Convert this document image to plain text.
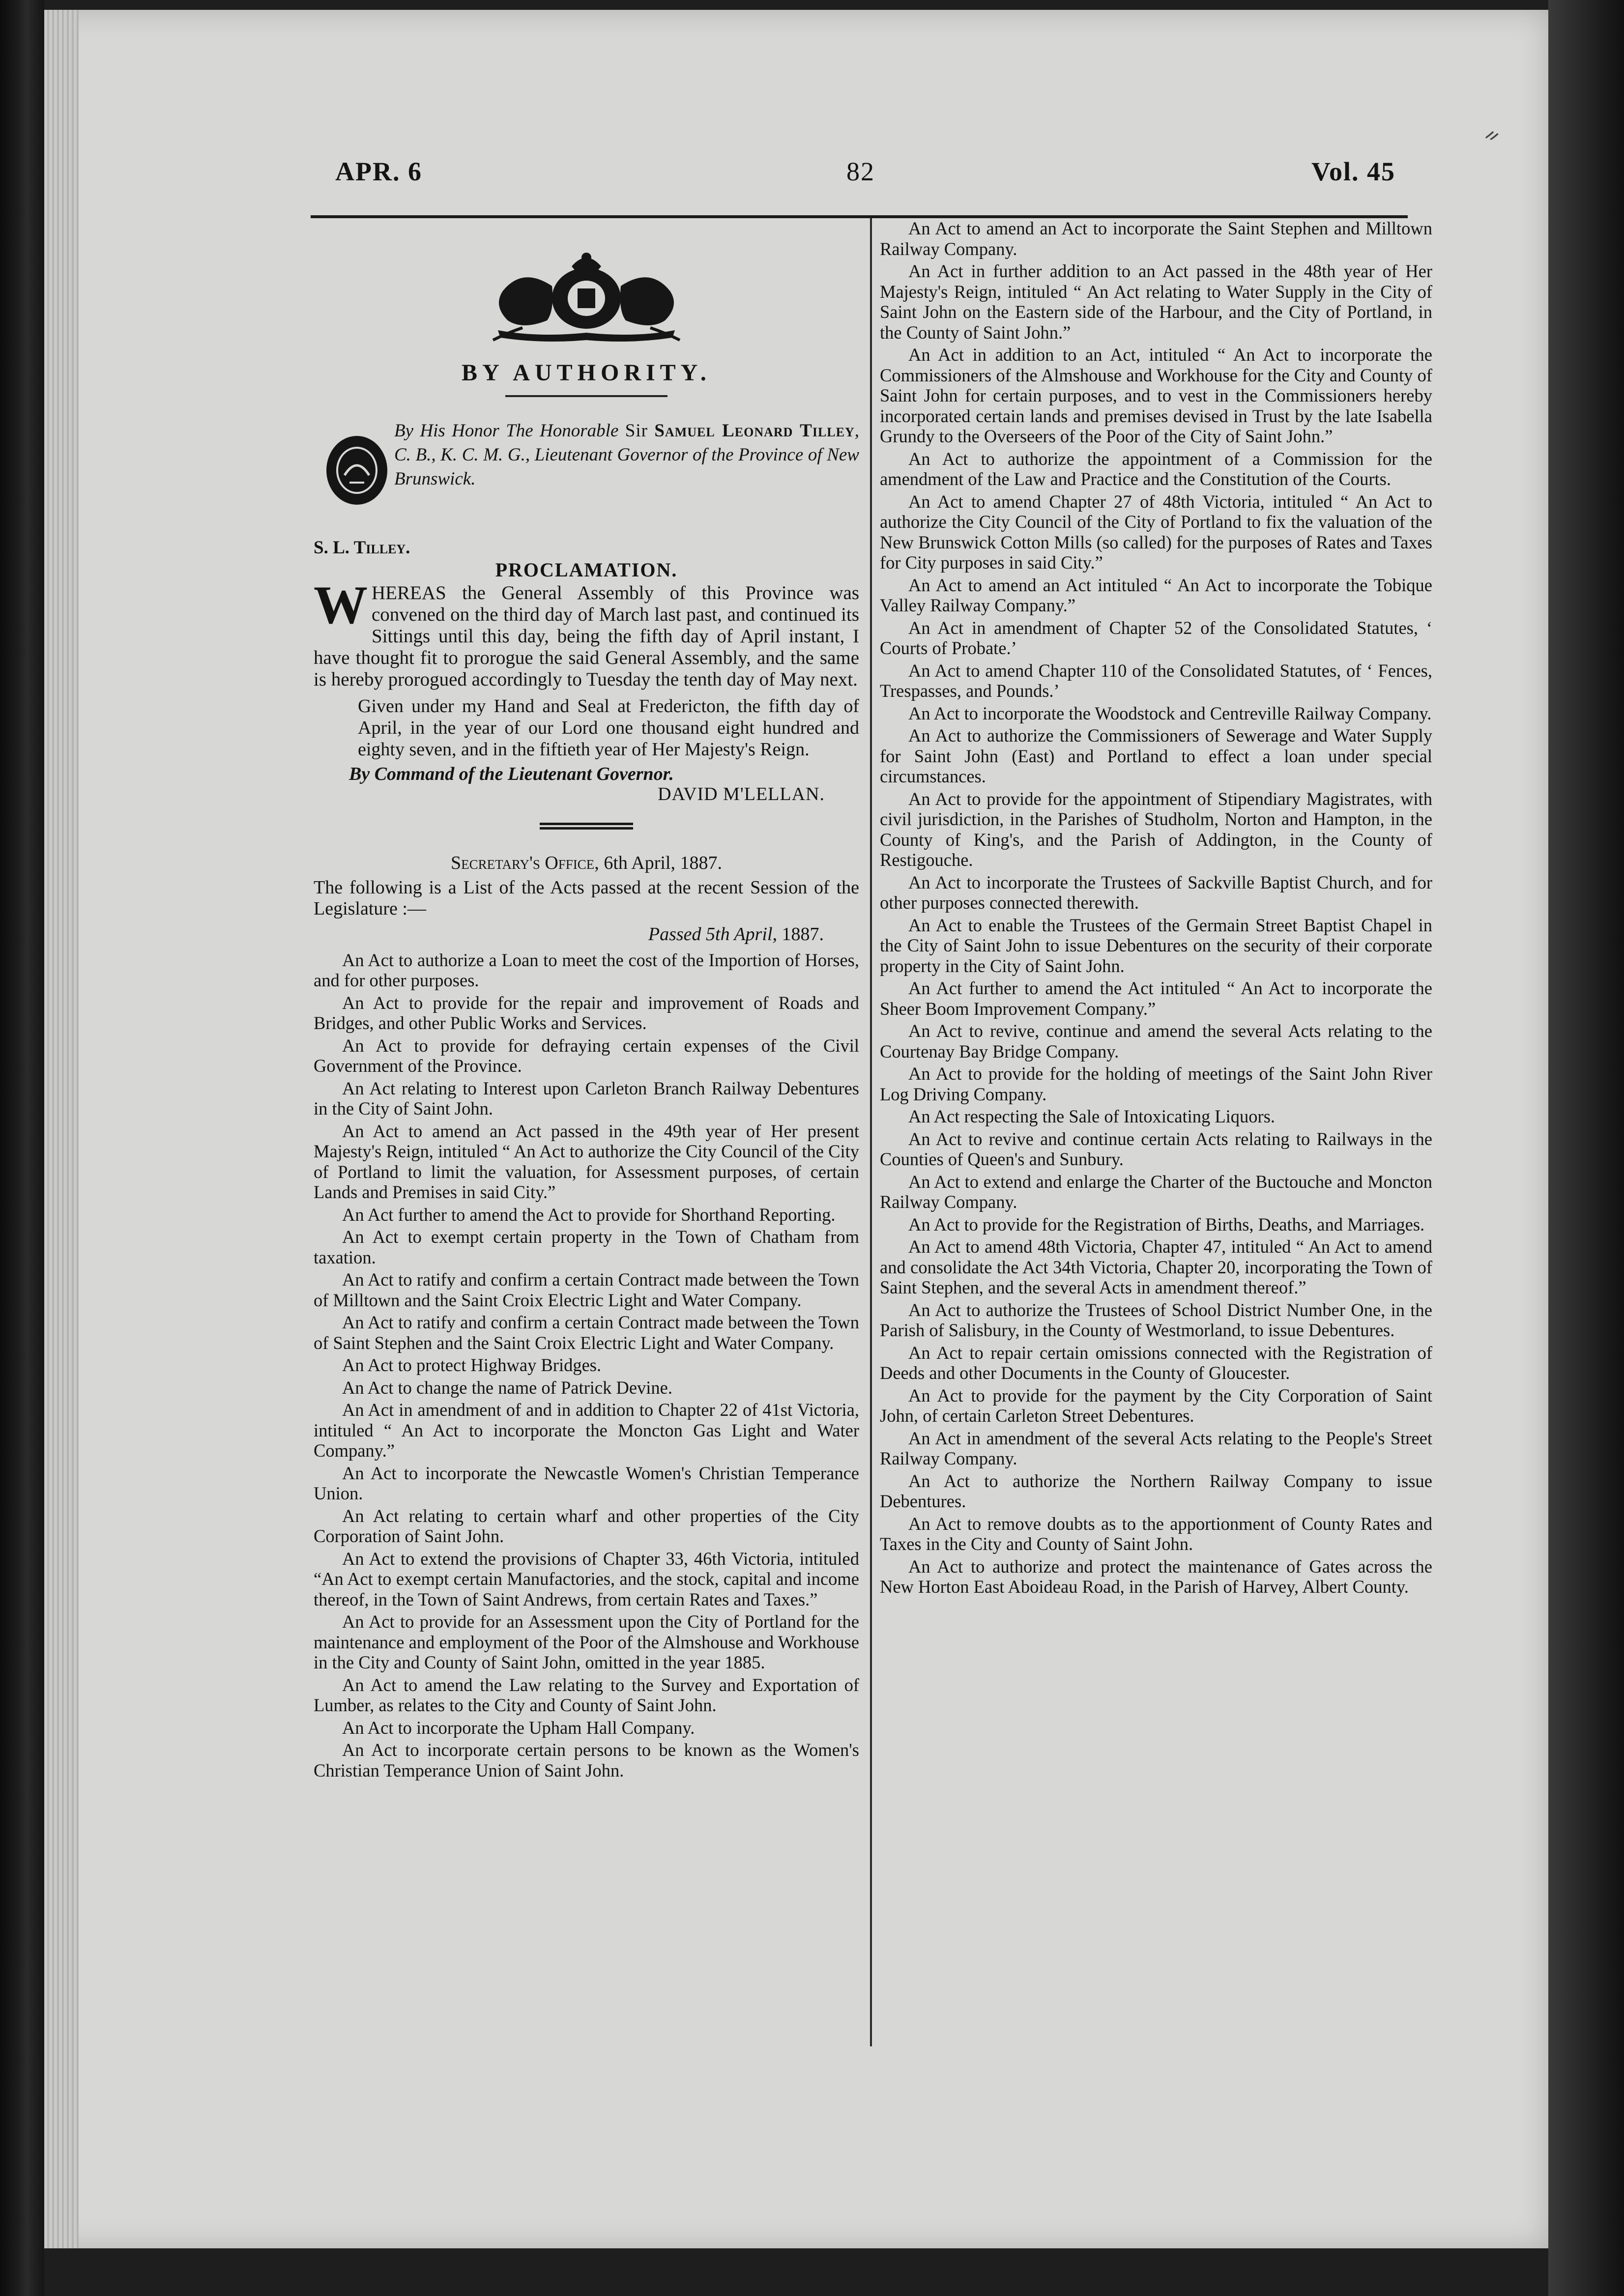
ᨀ
APR. 6	82	Vol. 45
BY AUTHORITY.
By His Honor The Honorable Sir Samuel Leonard Tilley, C. B., K. C. M. G., Lieutenant Governor of the Province of New Brunswick.
S. L. Tilley.
PROCLAMATION.
WHEREAS the General Assembly of this Province was convened on the third day of March last past, and continued its Sittings until this day, being the fifth day of April instant, I have thought fit to prorogue the said General Assembly, and the same is hereby prorogued accordingly to Tuesday the tenth day of May next.
Given under my Hand and Seal at Fredericton, the fifth day of April, in the year of our Lord one thousand eight hundred and eighty seven, and in the fiftieth year of Her Majesty's Reign.
By Command of the Lieutenant Governor.
DAVID M'LELLAN.
Secretary's Office, 6th April, 1887.

The following is a List of the Acts passed at the recent Session of the Legislature :—

Passed 5th April, 1887.

An Act to authorize a Loan to meet the cost of the Importion of Horses, and for other purposes.

An Act to provide for the repair and improvement of Roads and Bridges, and other Public Works and Services.

An Act to provide for defraying certain expenses of the Civil Government of the Province.

An Act relating to Interest upon Carleton Branch Railway Debentures in the City of Saint John.

An Act to amend an Act passed in the 49th year of Her present Majesty's Reign, intituled “ An Act to authorize the City Council of the City of Portland to limit the valuation, for Assessment purposes, of certain Lands and Premises in said City.”

An Act further to amend the Act to provide for Shorthand Reporting.

An Act to exempt certain property in the Town of Chatham from taxation.

An Act to ratify and confirm a certain Contract made between the Town of Milltown and the Saint Croix Electric Light and Water Company.

An Act to ratify and confirm a certain Contract made between the Town of Saint Stephen and the Saint Croix Electric Light and Water Company.

An Act to protect Highway Bridges.

An Act to change the name of Patrick Devine.

An Act in amendment of and in addition to Chapter 22 of 41st Victoria, intituled “ An Act to incorporate the Moncton Gas Light and Water Company.”

An Act to incorporate the Newcastle Women's Christian Temperance Union.

An Act relating to certain wharf and other properties of the City Corporation of Saint John.

An Act to extend the provisions of Chapter 33, 46th Victoria, intituled “An Act to exempt certain Manufactories, and the stock, capital and income thereof, in the Town of Saint Andrews, from certain Rates and Taxes.”

An Act to provide for an Assessment upon the City of Portland for the maintenance and employment of the Poor of the Almshouse and Workhouse in the City and County of Saint John, omitted in the year 1885.

An Act to amend the Law relating to the Survey and Exportation of Lumber, as relates to the City and County of Saint John.

An Act to incorporate the Upham Hall Company.

An Act to incorporate certain persons to be known as the Women's Christian Temperance Union of Saint John.

An Act to amend an Act to incorporate the Saint Stephen and Milltown Railway Company.

An Act in further addition to an Act passed in the 48th year of Her Majesty's Reign, intituled “ An Act relating to Water Supply in the City of Saint John on the Eastern side of the Harbour, and the City of Portland, in the County of Saint John.”

An Act in addition to an Act, intituled “ An Act to incorporate the Commissioners of the Almshouse and Workhouse for the City and County of Saint John for certain purposes, and to vest in the Commissioners hereby incorporated certain lands and premises devised in Trust by the late Isabella Grundy to the Overseers of the Poor of the City of Saint John.”

An Act to authorize the appointment of a Commission for the amendment of the Law and Practice and the Constitution of the Courts.

An Act to amend Chapter 27 of 48th Victoria, intituled “ An Act to authorize the City Council of the City of Portland to fix the valuation of the New Brunswick Cotton Mills (so called) for the purposes of Rates and Taxes for City purposes in said City.”

An Act to amend an Act intituled “ An Act to incorporate the Tobique Valley Railway Company.”

An Act in amendment of Chapter 52 of the Consolidated Statutes, ‘ Courts of Probate.’

An Act to amend Chapter 110 of the Consolidated Statutes, of ‘ Fences, Trespasses, and Pounds.’

An Act to incorporate the Woodstock and Centreville Railway Company.

An Act to authorize the Commissioners of Sewerage and Water Supply for Saint John (East) and Portland to effect a loan under special circumstances.

An Act to provide for the appointment of Stipendiary Magistrates, with civil jurisdiction, in the Parishes of Studholm, Norton and Hampton, in the County of King's, and the Parish of Addington, in the County of Restigouche.

An Act to incorporate the Trustees of Sackville Baptist Church, and for other purposes connected therewith.

An Act to enable the Trustees of the Germain Street Baptist Chapel in the City of Saint John to issue Debentures on the security of their corporate property in the City of Saint John.

An Act further to amend the Act intituled “ An Act to incorporate the Sheer Boom Improvement Company.”

An Act to revive, continue and amend the several Acts relating to the Courtenay Bay Bridge Company.

An Act to provide for the holding of meetings of the Saint John River Log Driving Company.

An Act respecting the Sale of Intoxicating Liquors.

An Act to revive and continue certain Acts relating to Railways in the Counties of Queen's and Sunbury.

An Act to extend and enlarge the Charter of the Buctouche and Moncton Railway Company.

An Act to provide for the Registration of Births, Deaths, and Marriages.

An Act to amend 48th Victoria, Chapter 47, intituled “ An Act to amend and consolidate the Act 34th Victoria, Chapter 20, incorporating the Town of Saint Stephen, and the several Acts in amendment thereof.”

An Act to authorize the Trustees of School District Number One, in the Parish of Salisbury, in the County of Westmorland, to issue Debentures.

An Act to repair certain omissions connected with the Registration of Deeds and other Documents in the County of Gloucester.

An Act to provide for the payment by the City Corporation of Saint John, of certain Carleton Street Debentures.

An Act in amendment of the several Acts relating to the People's Street Railway Company.

An Act to authorize the Northern Railway Company to issue Debentures.

An Act to remove doubts as to the apportionment of County Rates and Taxes in the City and County of Saint John.

An Act to authorize and protect the maintenance of Gates across the New Horton East Aboideau Road, in the Parish of Harvey, Albert County.
